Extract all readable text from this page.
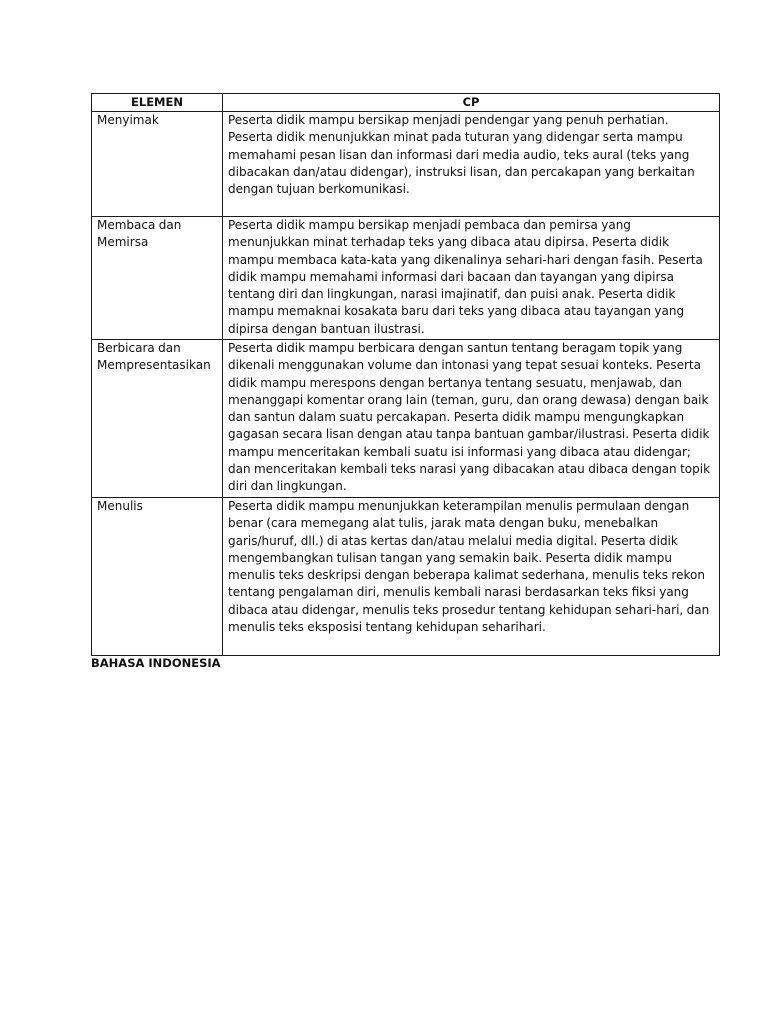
ELEMEN	CP

Menyimak	Peserta didik mampu bersikap menjadi pendengar yang penuh perhatian. Peserta didik menunjukkan minat pada tuturan yang didengar serta mampu memahami pesan lisan dan informasi dari media audio, teks aural (teks yang dibacakan dan/atau didengar), instruksi lisan, dan percakapan yang berkaitan dengan tujuan berkomunikasi.

Membaca dan Memirsa	Peserta didik mampu bersikap menjadi pembaca dan pemirsa yang menunjukkan minat terhadap teks yang dibaca atau dipirsa. Peserta didik mampu membaca kata-kata yang dikenalinya sehari-hari dengan fasih. Peserta didik mampu memahami informasi dari bacaan dan tayangan yang dipirsa tentang diri dan lingkungan, narasi imajinatif, dan puisi anak. Peserta didik mampu memaknai kosakata baru dari teks yang dibaca atau tayangan yang dipirsa dengan bantuan ilustrasi.

Berbicara dan Mempresentasikan	Peserta didik mampu berbicara dengan santun tentang beragam topik yang dikenali menggunakan volume dan intonasi yang tepat sesuai konteks. Peserta didik mampu merespons dengan bertanya tentang sesuatu, menjawab, dan menanggapi komentar orang lain (teman, guru, dan orang dewasa) dengan baik dan santun dalam suatu percakapan. Peserta didik mampu mengungkapkan gagasan secara lisan dengan atau tanpa bantuan gambar/ilustrasi. Peserta didik mampu menceritakan kembali suatu isi informasi yang dibaca atau didengar; dan menceritakan kembali teks narasi yang dibacakan atau dibaca dengan topik diri dan lingkungan.

Menulis	Peserta didik mampu menunjukkan keterampilan menulis permulaan dengan benar (cara memegang alat tulis, jarak mata dengan buku, menebalkan garis/huruf, dll.) di atas kertas dan/atau melalui media digital. Peserta didik mengembangkan tulisan tangan yang semakin baik. Peserta didik mampu menulis teks deskripsi dengan beberapa kalimat sederhana, menulis teks rekon tentang pengalaman diri, menulis kembali narasi berdasarkan teks fiksi yang dibaca atau didengar, menulis teks prosedur tentang kehidupan sehari-hari, dan menulis teks eksposisi tentang kehidupan seharihari.
BAHASA INDONESIA
